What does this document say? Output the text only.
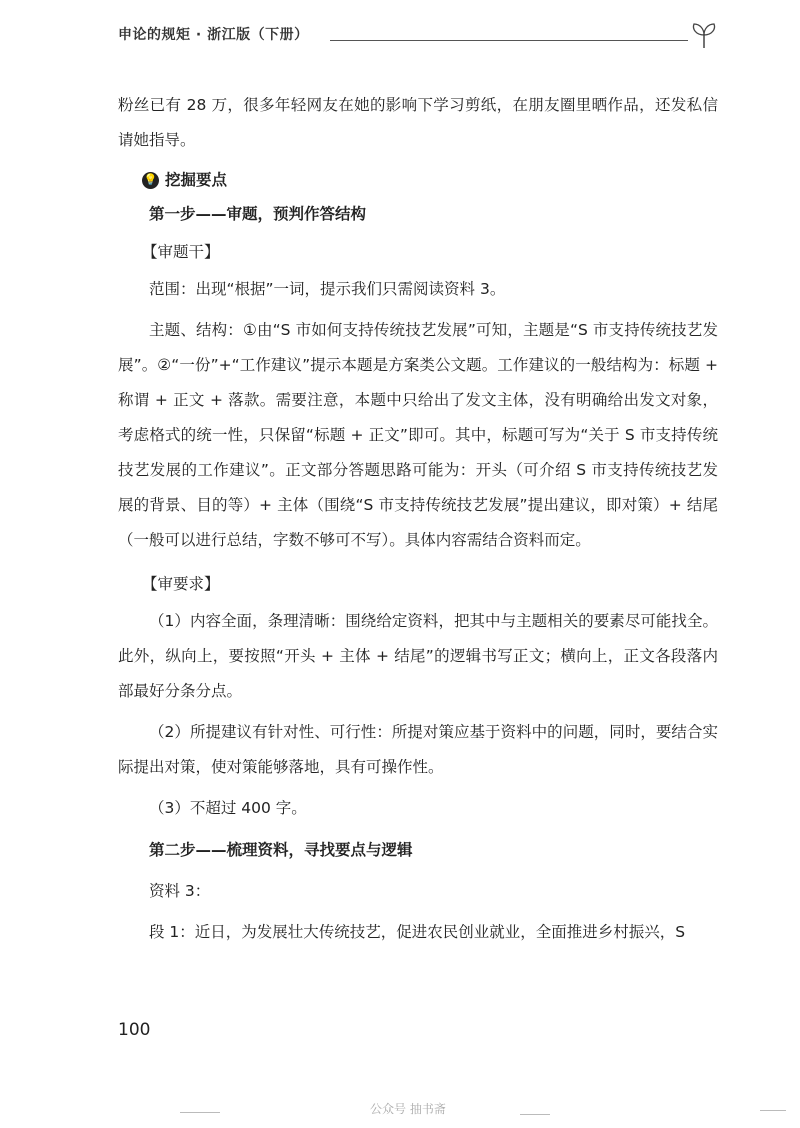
申论的规矩 · 浙江版（下册）

粉丝已有 28 万，很多年轻网友在她的影响下学习剪纸，在朋友圈里晒作品，还发私信请她指导。

💡 挖掘要点
第一步——审题，预判作答结构
【审题干】

范围：出现“根据”一词，提示我们只需阅读资料 3。

主题、结构：①由“S 市如何支持传统技艺发展”可知，主题是“S 市支持传统技艺发展”。②“一份”+“工作建议”提示本题是方案类公文题。工作建议的一般结构为：标题 + 称谓 + 正文 + 落款。需要注意，本题中只给出了发文主体，没有明确给出发文对象，考虑格式的统一性，只保留“标题 + 正文”即可。其中，标题可写为“关于 S 市支持传统技艺发展的工作建议”。正文部分答题思路可能为：开头（可介绍 S 市支持传统技艺发展的背景、目的等）+ 主体（围绕“S 市支持传统技艺发展”提出建议，即对策）+ 结尾（一般可以进行总结，字数不够可不写）。具体内容需结合资料而定。

【审要求】

（1）内容全面，条理清晰：围绕给定资料，把其中与主题相关的要素尽可能找全。此外，纵向上，要按照“开头 + 主体 + 结尾”的逻辑书写正文；横向上，正文各段落内部最好分条分点。

（2）所提建议有针对性、可行性：所提对策应基于资料中的问题，同时，要结合实际提出对策，使对策能够落地，具有可操作性。

（3）不超过 400 字。

第二步——梳理资料，寻找要点与逻辑

资料 3：

段 1：近日，为发展壮大传统技艺，促进农民创业就业，全面推进乡村振兴，S

100
公众号 抽书斋
